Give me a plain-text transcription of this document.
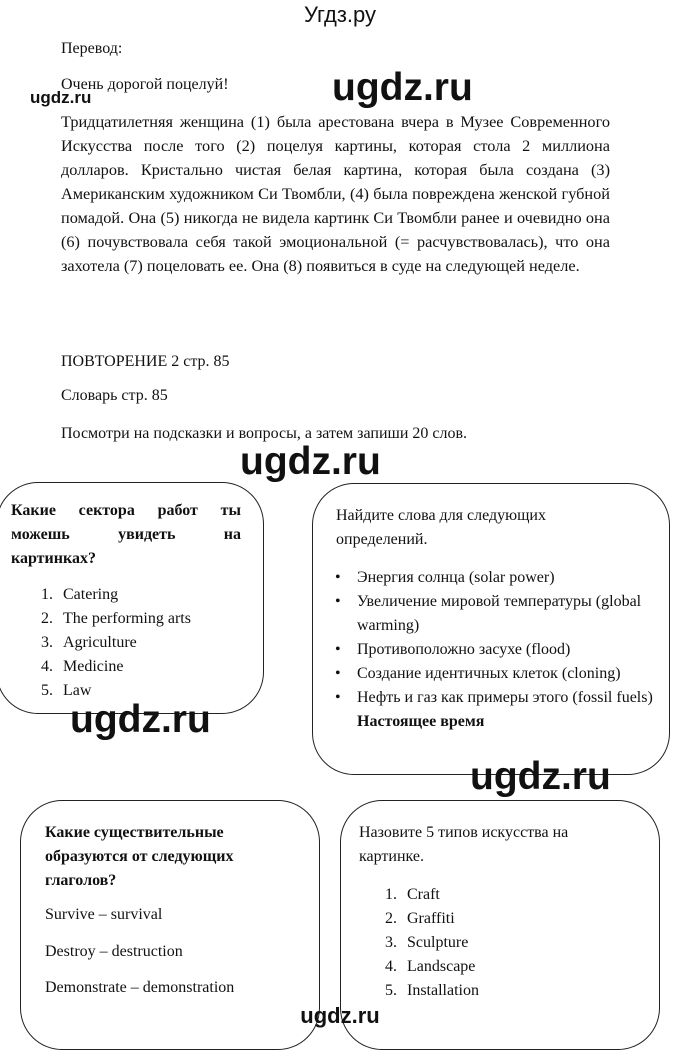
Угдз.ру
Перевод:
Очень дорогой поцелуй!
ugdz.ru	ugdz.ru
Тридцатилетняя женщина (1) была арестована вчера в Музее Современного Искусства после того (2) поцелуя картины, которая стола 2 миллиона долларов. Кристально чистая белая картина, которая была создана (3) Американским художником Си Твомбли, (4) была повреждена женской губной помадой. Она (5) никогда не видела картинк Си Твомбли ранее и очевидно она (6) почувствовала себя такой эмоциональной (= расчувствовалась), что она захотела (7) поцеловать ее. Она (8) появиться в суде на следующей неделе.
ПОВТОРЕНИЕ 2 стр. 85
Словарь стр. 85
Посмотри на подсказки и вопросы, а затем запиши 20 слов.
ugdz.ru
Какие сектора работ ты можешь увидеть на картинках?
1. Catering
2. The performing arts
3. Agriculture
4. Medicine
5. Law
Найдите слова для следующих определений.
• Энергия солнца (solar power)
• Увеличение мировой температуры (global warming)
• Противоположно засухе (flood)
• Создание идентичных клеток (cloning)
• Нефть и газ как примеры этого (fossil fuels) Настоящее время
ugdz.ru
ugdz.ru
Какие существительные образуются от следующих глаголов?
Survive – survival
Destroy – destruction
Demonstrate – demonstration
Назовите 5 типов искусства на картинке.
1. Craft
2. Graffiti
3. Sculpture
4. Landscape
5. Installation
ugdz.ru
